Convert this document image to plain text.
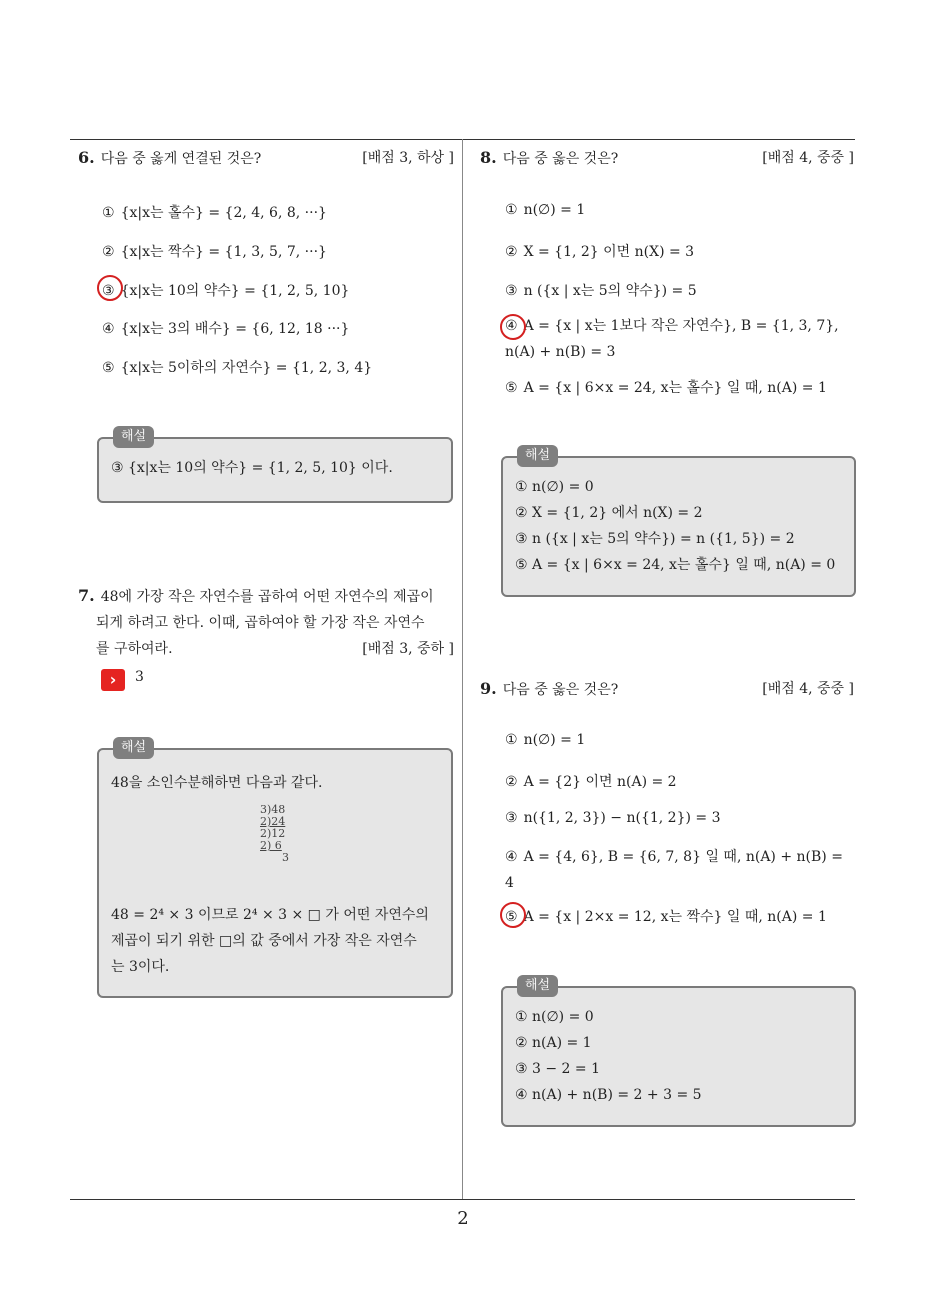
6. 다음 중 옳게 연결된 것은?	[배점 3, 하상 ]
① {x|x는 홀수} = {2, 4, 6, 8, ···}
② {x|x는 짝수} = {1, 3, 5, 7, ···}
③ {x|x는 10의 약수} = {1, 2, 5, 10}
④ {x|x는 3의 배수} = {6, 12, 18 ···}
⑤ {x|x는 5이하의 자연수} = {1, 2, 3, 4}
해설

③ {x|x는 10의 약수} = {1, 2, 5, 10} 이다.

7. 48에 가장 작은 자연수를 곱하여 어떤 자연수의 제곱이
되게 하려고 한다. 이때, 곱하여야 할 가장 작은 자연수
를 구하여라.	[배점 3, 중하 ]
›	3
해설

48을 소인수분해하면 다음과 같다.

3)48
2)24
2)12
2) 6
3
48 = 2⁴ × 3 이므로 2⁴ × 3 × □ 가 어떤 자연수의
제곱이 되기 위한 □의 값 중에서 가장 작은 자연수
는 3이다.
8. 다음 중 옳은 것은?	[배점 4, 중중 ]
① n(∅) = 1
② X = {1, 2} 이면 n(X) = 3
③ n ({x | x는 5의 약수}) = 5
④ A = {x | x는 1보다 작은 자연수}, B = {1, 3, 7}, n(A) + n(B) = 3
⑤ A = {x | 6×x = 24, x는 홀수} 일 때, n(A) = 1
해설

① n(∅) = 0

② X = {1, 2} 에서 n(X) = 2

③ n ({x | x는 5의 약수}) = n ({1, 5}) = 2

⑤ A = {x | 6×x = 24, x는 홀수} 일 때, n(A) = 0

9. 다음 중 옳은 것은?	[배점 4, 중중 ]
① n(∅) = 1
② A = {2} 이면 n(A) = 2
③ n({1, 2, 3}) − n({1, 2}) = 3
④ A = {4, 6}, B = {6, 7, 8} 일 때, n(A) + n(B) = 4
⑤ A = {x | 2×x = 12, x는 짝수} 일 때, n(A) = 1
해설

① n(∅) = 0

② n(A) = 1

③ 3 − 2 = 1

④ n(A) + n(B) = 2 + 3 = 5

2
